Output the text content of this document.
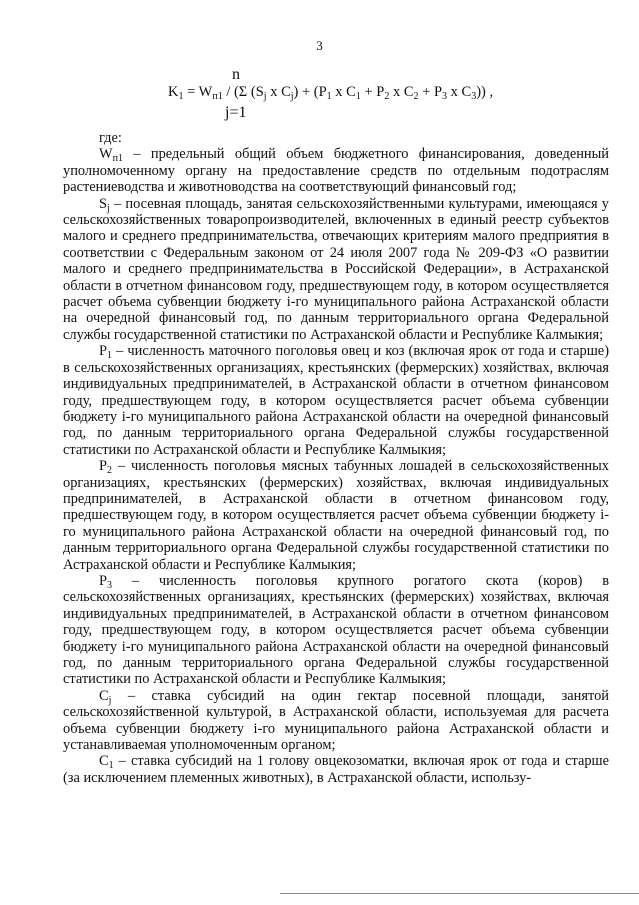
3
n
$K_1 = W_{п1} / (\Sigma$ ($S_j$ x $C_j) + (P_1$ x $C_1 + P_2$ x $C_2 + P_3$ x $C_3$)) ,
j=1

где:

$W_{п1}$ – предельный общий объем бюджетного финансирования, доведенный уполномоченному органу на предоставление средств по отдельным подотраслям растениеводства и животноводства на соответствующий финансовый год;

$S_j$ – посевная площадь, занятая сельскохозяйственными культурами, имеющаяся у сельскохозяйственных товаропроизводителей, включенных в единый реестр субъектов малого и среднего предпринимательства, отвечающих критериям малого предприятия в соответствии с Федеральным законом от 24 июля 2007 года № 209-ФЗ «О развитии малого и среднего предпринимательства в Российской Федерации», в Астраханской области в отчетном финансовом году, предшествующем году, в котором осуществляется расчет объема субвенции бюджету i-го муниципального района Астраханской области на очередной финансовый год, по данным территориального органа Федеральной службы государственной статистики по Астраханской области и Республике Калмыкия;

$P_1$ – численность маточного поголовья овец и коз (включая ярок от года и старше) в сельскохозяйственных организациях, крестьянских (фермерских) хозяйствах, включая индивидуальных предпринимателей, в Астраханской области в отчетном финансовом году, предшествующем году, в котором осуществляется расчет объема субвенции бюджету i-го муниципального района Астраханской области на очередной финансовый год, по данным территориального органа Федеральной службы государственной статистики по Астраханской области и Республике Калмыкия;

$P_2$ – численность поголовья мясных табунных лошадей в сельскохозяйственных организациях, крестьянских (фермерских) хозяйствах, включая индивидуальных предпринимателей, в Астраханской области в отчетном финансовом году, предшествующем году, в котором осуществляется расчет объема субвенции бюджету i-го муниципального района Астраханской области на очередной финансовый год, по данным территориального органа Федеральной службы государственной статистики по Астраханской области и Республике Калмыкия;

$P_3$ – численность поголовья крупного рогатого скота (коров) в сельскохозяйственных организациях, крестьянских (фермерских) хозяйствах, включая индивидуальных предпринимателей, в Астраханской области в отчетном финансовом году, предшествующем году, в котором осуществляется расчет объема субвенции бюджету i-го муниципального района Астраханской области на очередной финансовый год, по данным территориального органа Федеральной службы государственной статистики по Астраханской области и Республике Калмыкия;

$C_j$ – ставка субсидий на один гектар посевной площади, занятой сельскохозяйственной культурой, в Астраханской области, используемая для расчета объема субвенции бюджету i-го муниципального района Астраханской области и устанавливаемая уполномоченным органом;

$C_1$ – ставка субсидий на 1 голову овцекозоматки, включая ярок от года и старше (за исключением племенных животных), в Астраханской области, использу-
